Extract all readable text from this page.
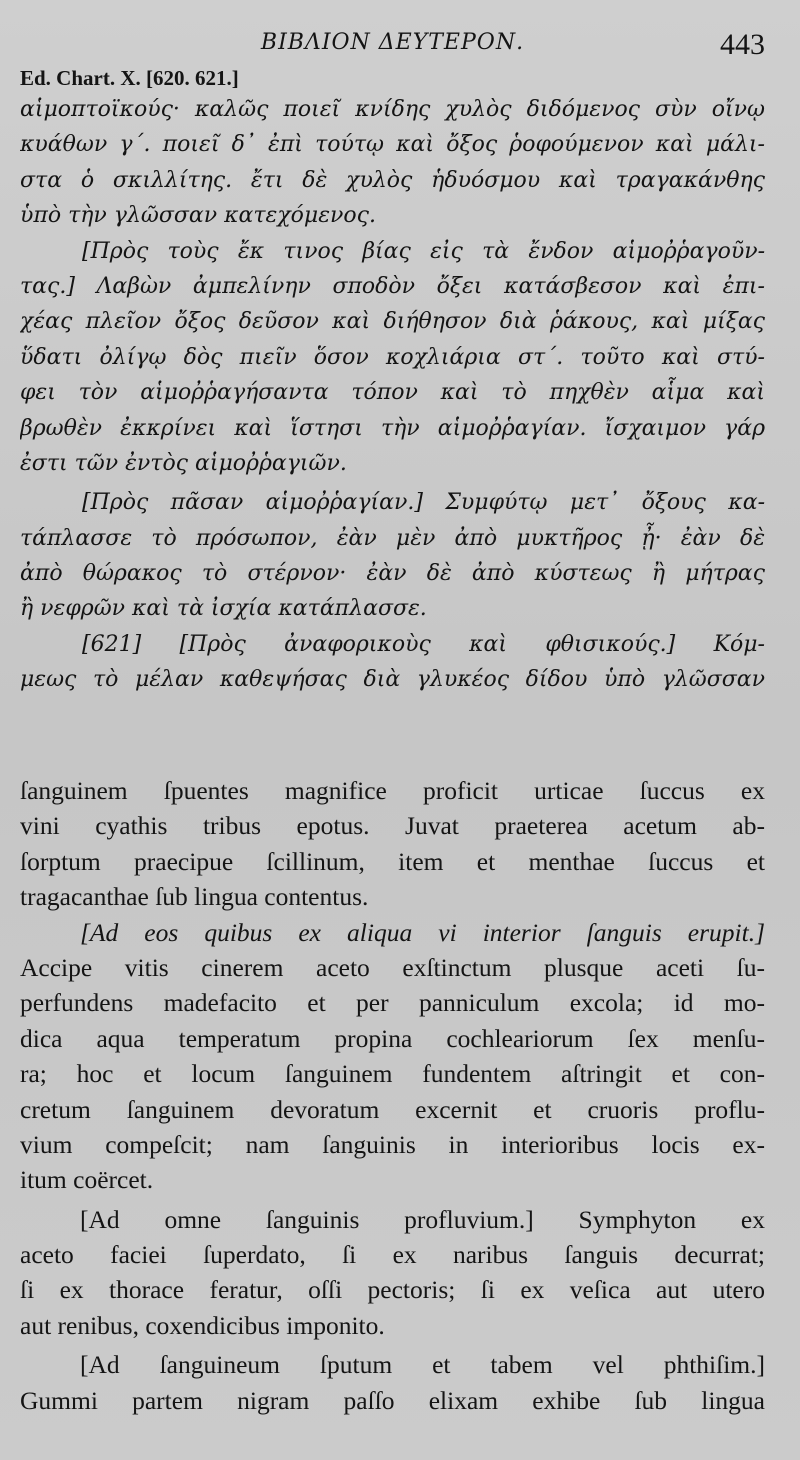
ΒΙΒΛΙΟΝ ΔΕΥΤΕΡΟΝ.	443
Ed. Chart. X. [620. 621.]
αἱμοπτοϊκούς· καλῶς ποιεῖ κνίδης χυλὸς διδόμενος σὺν οἴνῳ
κυάθων γ΄. ποιεῖ δ᾽ ἐπὶ τούτῳ καὶ ὄξος ῥοφούμενον καὶ μάλι-
στα ὁ σκιλλίτης. ἔτι δὲ χυλὸς ἡδυόσμου καὶ τραγακάνθης
ὑπὸ τὴν γλῶσσαν κατεχόμενος.
[Πρὸς τοὺς ἔκ τινος βίας εἰς τὰ ἔνδον αἱμοῤῥαγοῦν-
τας.] Λαβὼν ἀμπελίνην σποδὸν ὄξει κατάσβεσον καὶ ἐπι-
χέας πλεῖον ὄξος δεῦσον καὶ διήθησον διὰ ῥάκους, καὶ μίξας
ὕδατι ὀλίγῳ δὸς πιεῖν ὅσον κοχλιάρια στ΄. τοῦτο καὶ στύ-
φει τὸν αἱμοῤῥαγήσαντα τόπον καὶ τὸ πηχθὲν αἷμα καὶ
βρωθὲν ἐκκρίνει καὶ ἵστησι τὴν αἱμοῤῥαγίαν. ἴσχαιμον γάρ
ἐστι τῶν ἐντὸς αἱμοῤῥαγιῶν.
[Πρὸς πᾶσαν αἱμοῤῥαγίαν.] Συμφύτῳ μετ᾽ ὄξους κα-
τάπλασσε τὸ πρόσωπον, ἐὰν μὲν ἀπὸ μυκτῆρος ᾖ· ἐὰν δὲ
ἀπὸ θώρακος τὸ στέρνον· ἐὰν δὲ ἀπὸ κύστεως ἢ μήτρας
ἢ νεφρῶν καὶ τὰ ἰσχία κατάπλασσε.
[621] [Πρὸς ἀναφορικοὺς καὶ φθισικούς.] Κόμ-
μεως τὸ μέλαν καθεψήσας διὰ γλυκέος δίδου ὑπὸ γλῶσσαν
ſanguinem ſpuentes magnifice proficit urticae ſuccus ex
vini cyathis tribus epotus. Juvat praeterea acetum ab-
ſorptum praecipue ſcillinum, item et menthae ſuccus et
tragacanthae ſub lingua contentus.
[Ad eos quibus ex aliqua vi interior ſanguis erupit.]
Accipe vitis cinerem aceto exſtinctum plusque aceti ſu-
perfundens madefacito et per panniculum excola; id mo-
dica aqua temperatum propina cochleariorum ſex menſu-
ra; hoc et locum ſanguinem fundentem aſtringit et con-
cretum ſanguinem devoratum excernit et cruoris proflu-
vium compeſcit; nam ſanguinis in interioribus locis ex-
itum coërcet.
[Ad omne ſanguinis profluvium.] Symphyton ex
aceto faciei ſuperdato, ſi ex naribus ſanguis decurrat;
ſi ex thorace feratur, oſſi pectoris; ſi ex veſica aut utero
aut renibus, coxendicibus imponito.
[Ad ſanguineum ſputum et tabem vel phthiſim.]
Gummi partem nigram paſſo elixam exhibe ſub lingua
